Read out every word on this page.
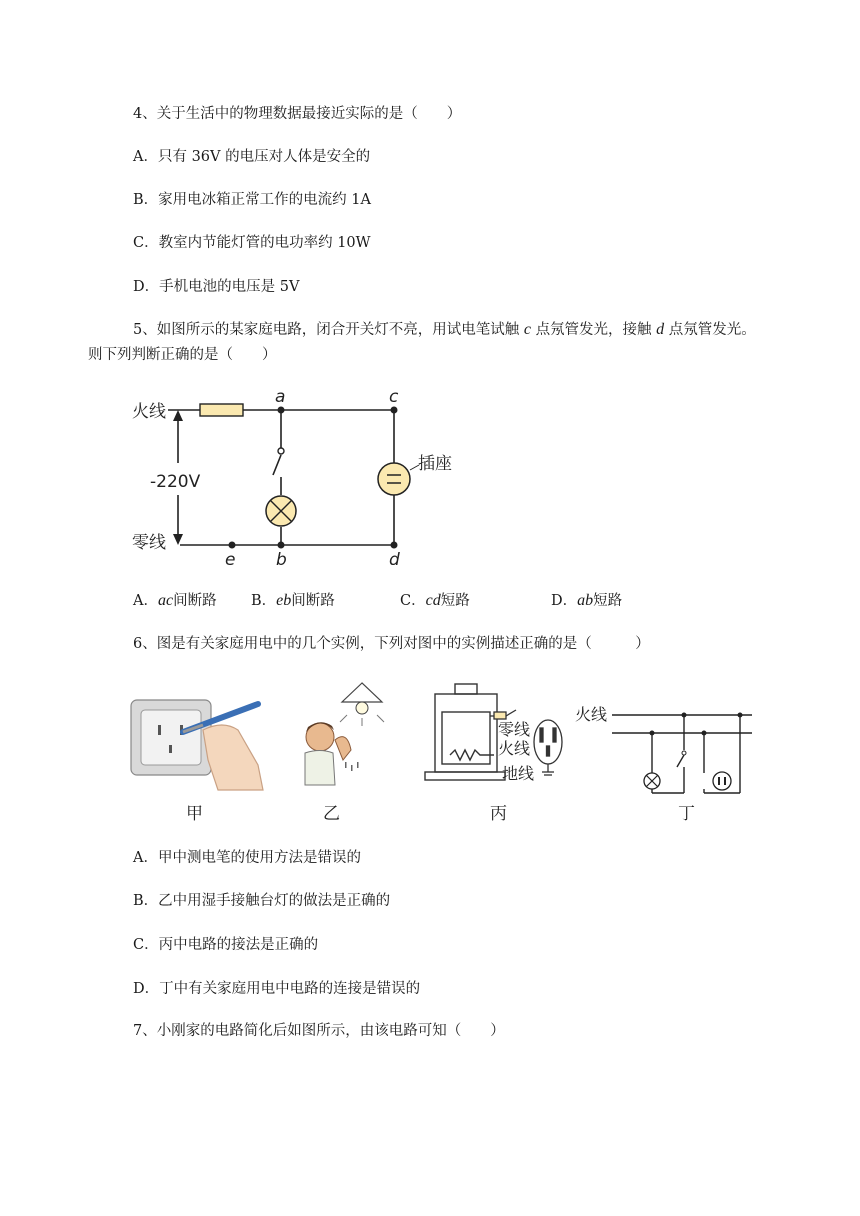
4、关于生活中的物理数据最接近实际的是（　　）
A．只有 36V 的电压对人体是安全的
B．家用电冰箱正常工作的电流约 1A
C．教室内节能灯管的电功率约 10W
D．手机电池的电压是 5V
5、如图所示的某家庭电路，闭合开关灯不亮，用试电笔试触 c 点氖管发光，接触 d 点氖管发光。
则下列判断正确的是（　　）
火线
零线
-220V
插座
a	c
e b	d
A．ac间断路 B．eb间断路	C．cd短路	D．ab短路
6、图是有关家庭用电中的几个实例，下列对图中的实例描述正确的是（　　　）
甲	乙
零线
火线
地线
丙
火线
丁
A．甲中测电笔的使用方法是错误的
B．乙中用湿手接触台灯的做法是正确的
C．丙中电路的接法是正确的
D．丁中有关家庭用电中电路的连接是错误的
7、小刚家的电路简化后如图所示，由该电路可知（　　）
